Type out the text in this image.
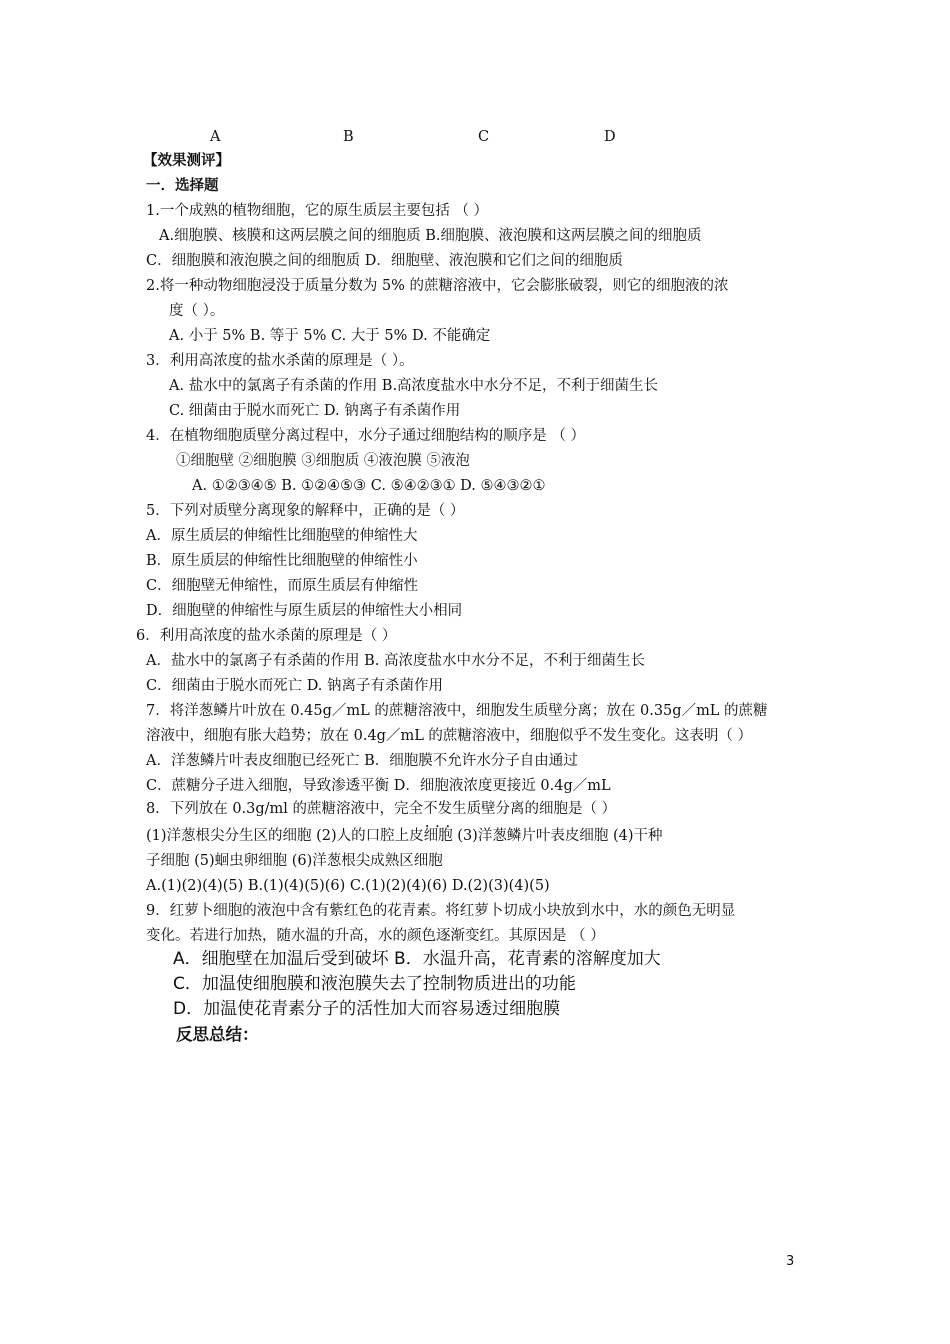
A	B	C	D
【效果测评】
一．选择题
1.一个成熟的植物细胞，它的原生质层主要包括 （ ）
A.细胞膜、核膜和这两层膜之间的细胞质 B.细胞膜、液泡膜和这两层膜之间的细胞质
C．细胞膜和液泡膜之间的细胞质 D．细胞壁、液泡膜和它们之间的细胞质
2.将一种动物细胞浸没于质量分数为 5% 的蔗糖溶液中，它会膨胀破裂，则它的细胞液的浓
度（ ）。
A. 小于 5% B. 等于 5% C. 大于 5% D. 不能确定
3．利用高浓度的盐水杀菌的原理是（ ）。
A. 盐水中的氯离子有杀菌的作用 B.高浓度盐水中水分不足，不利于细菌生长
C. 细菌由于脱水而死亡 D. 钠离子有杀菌作用
4．在植物细胞质壁分离过程中，水分子通过细胞结构的顺序是 （ ）
①细胞壁 ②细胞膜 ③细胞质 ④液泡膜 ⑤液泡
A. ①②③④⑤ B. ①②④⑤③ C. ⑤④②③① D. ⑤④③②①
5．下列对质壁分离现象的解释中，正确的是（ ）
A．原生质层的伸缩性比细胞壁的伸缩性大
B．原生质层的伸缩性比细胞壁的伸缩性小
C．细胞壁无伸缩性，而原生质层有伸缩性
D．细胞壁的伸缩性与原生质层的伸缩性大小相同
6．利用高浓度的盐水杀菌的原理是（ ）
A．盐水中的氯离子有杀菌的作用 B. 高浓度盐水中水分不足，不利于细菌生长
C．细菌由于脱水而死亡 D. 钠离子有杀菌作用
7．将洋葱鳞片叶放在 0.45g／mL 的蔗糖溶液中，细胞发生质壁分离；放在 0.35g／mL 的蔗糖
溶液中，细胞有胀大趋势；放在 0.4g／mL 的蔗糖溶液中，细胞似乎不发生变化。这表明（ ）
A．洋葱鳞片叶表皮细胞已经死亡 B．细胞膜不允许水分子自由通过
C．蔗糖分子进入细胞，导致渗透平衡 D．细胞液浓度更接近 0.4g／mL
8．下列放在 0.3g/ml 的蔗糖溶液中，完全不发生 • • •质壁分离的细胞是（ ）
(1)洋葱根尖分生区的细胞 (2)人的口腔上皮细胞 (3)洋葱鳞片叶表皮细胞 (4)干种
子细胞 (5)蛔虫卵细胞 (6)洋葱根尖成熟区细胞
A.(1)(2)(4)(5) B.(1)(4)(5)(6) C.(1)(2)(4)(6) D.(2)(3)(4)(5)
9．红萝卜细胞的液泡中含有紫红色的花青素。将红萝卜切成小块放到水中，水的颜色无明显
变化。若进行加热，随水温的升高，水的颜色逐渐变红。其原因是 （ ）
A．细胞壁在加温后受到破坏 B．水温升高，花青素的溶解度加大
C．加温使细胞膜和液泡膜失去了控制物质进出的功能
D．加温使花青素分子的活性加大而容易透过细胞膜
反思总结：
3
